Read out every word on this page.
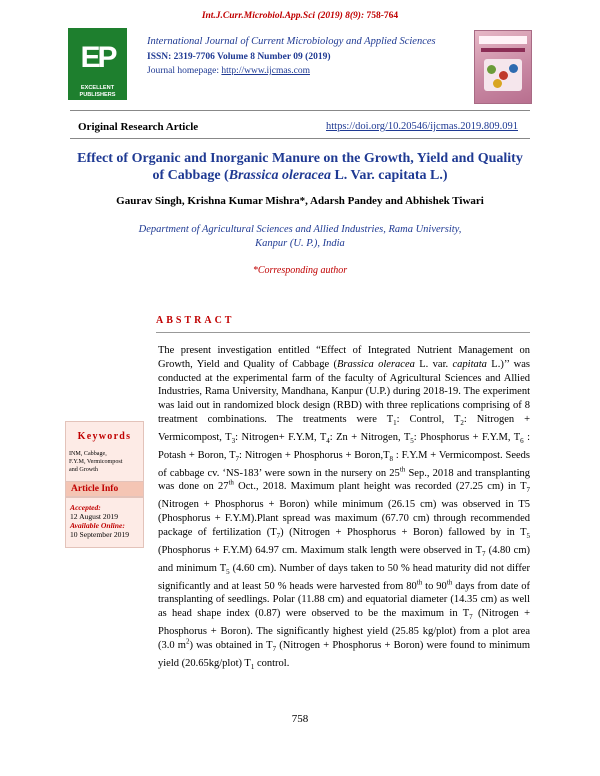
Int.J.Curr.Microbiol.App.Sci (2019) 8(9): 758-764
EP
EXCELLENT PUBLISHERS
International Journal of Current Microbiology and Applied Sciences
ISSN: 2319-7706 Volume 8 Number 09 (2019)
Journal homepage: http://www.ijcmas.com
Original Research Article	https://doi.org/10.20546/ijcmas.2019.809.091
Effect of Organic and Inorganic Manure on the Growth, Yield and Quality of Cabbage (Brassica oleracea L. Var. capitata L.)
Gaurav Singh, Krishna Kumar Mishra*, Adarsh Pandey and Abhishek Tiwari
Department of Agricultural Sciences and Allied Industries, Rama University,
Kanpur (U. P.), India
*Corresponding author
ABSTRACT
Keywords
INM, Cabbage,
F.Y.M, Vermicompost
and Growth
Article Info
Accepted:
12 August 2019
Available Online:
10 September 2019
The present investigation entitled “Effect of Integrated Nutrient Management on Growth, Yield and Quality of Cabbage (Brassica oleracea L. var. capitata L.)’’ was conducted at the experimental farm of the faculty of Agricultural Sciences and Allied Industries, Rama University, Mandhana, Kanpur (U.P.) during 2018-19. The experiment was laid out in randomized block design (RBD) with three replications comprising of 8 treatment combinations. The treatments were $T_1$: Control, $T_2$: Nitrogen + Vermicompost, $T_3$: Nitrogen+ F.Y.M, $T_4$: Zn + Nitrogen, $T_5$: Phosphorus + F.Y.M, $T_6$ : Potash + Boron, $T_7$: Nitrogen + Phosphorus + $Boron,T_8$ : F.Y.M + Vermicompost. Seeds of cabbage cv. ‘NS-183’ were sown in the nursery on 25th Sep., 2018 and transplanting was done on 27th Oct., 2018. Maximum plant height was recorded (27.25 cm) in $T_7$ (Nitrogen + Phosphorus + Boron) while minimum (26.15 cm) was observed in T5 (Phosphorus + F.Y.M).Plant spread was maximum (67.70 cm) through recommended package of fertilization $(T_7)$ (Nitrogen + Phosphorus + Boron) fallowed by in $T_5$ (Phosphorus + F.Y.M) 64.97 cm. Maximum stalk length were observed in $T_7$ (4.80 cm) and minimum $T_5$ (4.60 cm). Number of days taken to 50 % head maturity did not differ significantly and at least 50 % heads were harvested from 80th to 90th days from date of transplanting of seedlings. Polar (11.88 cm) and equatorial diameter (14.35 cm) as well as head shape index (0.87) were observed to be the maximum in $T_7$ (Nitrogen + Phosphorus + Boron). The significantly highest yield (25.85 kg/plot) from a plot area (3.0 $m^2$) was obtained in $T_7$ (Nitrogen + Phosphorus + Boron) were found to minimum yield (20.65kg/plot) $T_1$ control.
758
